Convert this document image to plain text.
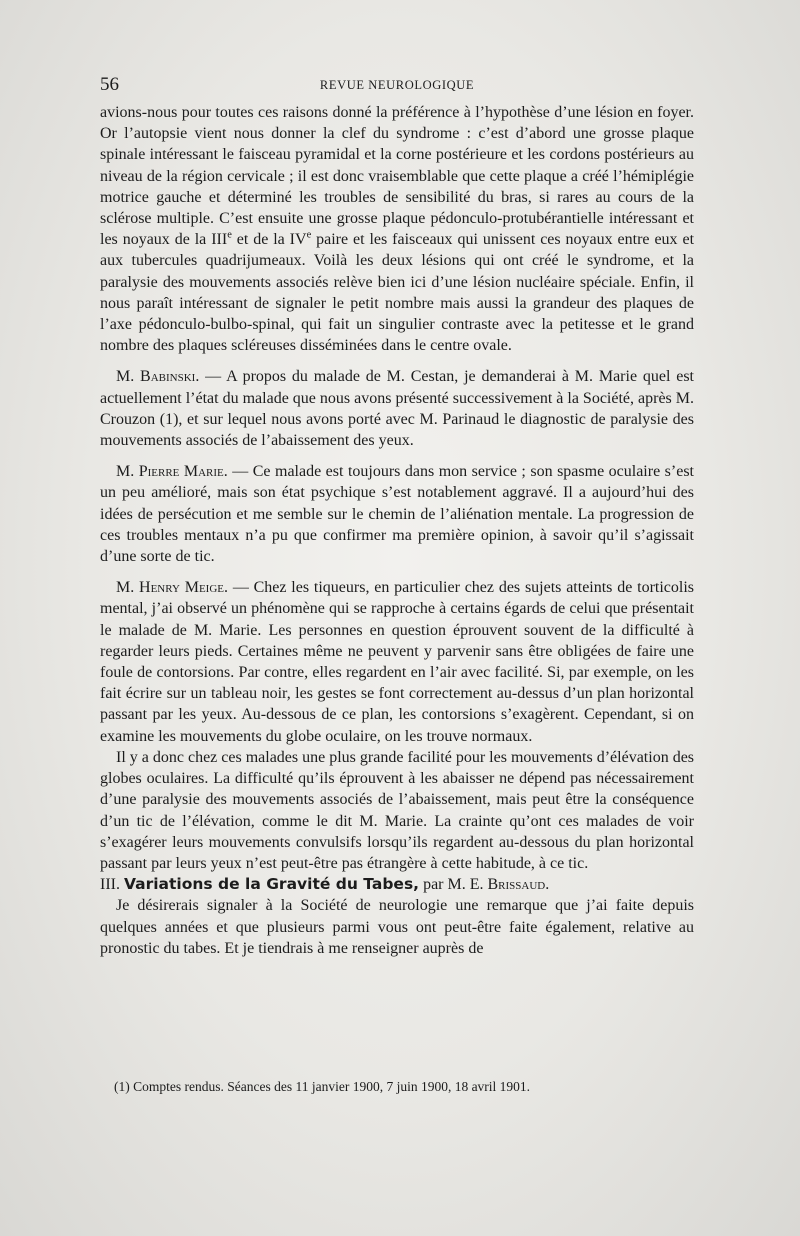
56	REVUE NEUROLOGIQUE

avions-nous pour toutes ces raisons donné la préférence à l’hypothèse d’une lésion en foyer. Or l’autopsie vient nous donner la clef du syndrome : c’est d’abord une grosse plaque spinale intéressant le faisceau pyramidal et la corne postérieure et les cordons postérieurs au niveau de la région cervicale ; il est donc vraisemblable que cette plaque a créé l’hémiplégie motrice gauche et déterminé les troubles de sensibilité du bras, si rares au cours de la sclérose multiple. C’est ensuite une grosse plaque pédonculo-protubérantielle intéressant et les noyaux de la IIIe et de la IVe paire et les faisceaux qui unissent ces noyaux entre eux et aux tubercules quadrijumeaux. Voilà les deux lésions qui ont créé le syndrome, et la paralysie des mouvements associés relève bien ici d’une lésion nucléaire spéciale. Enfin, il nous paraît intéressant de signaler le petit nombre mais aussi la grandeur des plaques de l’axe pédonculo-bulbo-spinal, qui fait un singulier contraste avec la petitesse et le grand nombre des plaques scléreuses disséminées dans le centre ovale.

M. Babinski. — A propos du malade de M. Cestan, je demanderai à M. Marie quel est actuellement l’état du malade que nous avons présenté successivement à la Société, après M. Crouzon (1), et sur lequel nous avons porté avec M. Parinaud le diagnostic de paralysie des mouvements associés de l’abaissement des yeux.

M. Pierre Marie. — Ce malade est toujours dans mon service ; son spasme oculaire s’est un peu amélioré, mais son état psychique s’est notablement aggravé. Il a aujourd’hui des idées de persécution et me semble sur le chemin de l’aliénation mentale. La progression de ces troubles mentaux n’a pu que confirmer ma première opinion, à savoir qu’il s’agissait d’une sorte de tic.

M. Henry Meige. — Chez les tiqueurs, en particulier chez des sujets atteints de torticolis mental, j’ai observé un phénomène qui se rapproche à certains égards de celui que présentait le malade de M. Marie. Les personnes en question éprouvent souvent de la difficulté à regarder leurs pieds. Certaines même ne peuvent y parvenir sans être obligées de faire une foule de contorsions. Par contre, elles regardent en l’air avec facilité. Si, par exemple, on les fait écrire sur un tableau noir, les gestes se font correctement au-dessus d’un plan horizontal passant par les yeux. Au-dessous de ce plan, les contorsions s’exagèrent. Cependant, si on examine les mouvements du globe oculaire, on les trouve normaux.

Il y a donc chez ces malades une plus grande facilité pour les mouvements d’élévation des globes oculaires. La difficulté qu’ils éprouvent à les abaisser ne dépend pas nécessairement d’une paralysie des mouvements associés de l’abaissement, mais peut être la conséquence d’un tic de l’élévation, comme le dit M. Marie. La crainte qu’ont ces malades de voir s’exagérer leurs mouvements convulsifs lorsqu’ils regardent au-dessous du plan horizontal passant par leurs yeux n’est peut-être pas étrangère à cette habitude, à ce tic.

III. Variations de la Gravité du Tabes, par M. E. Brissaud.

Je désirerais signaler à la Société de neurologie une remarque que j’ai faite depuis quelques années et que plusieurs parmi vous ont peut-être faite également, relative au pronostic du tabes. Et je tiendrais à me renseigner auprès de

(1) Comptes rendus. Séances des 11 janvier 1900, 7 juin 1900, 18 avril 1901.
